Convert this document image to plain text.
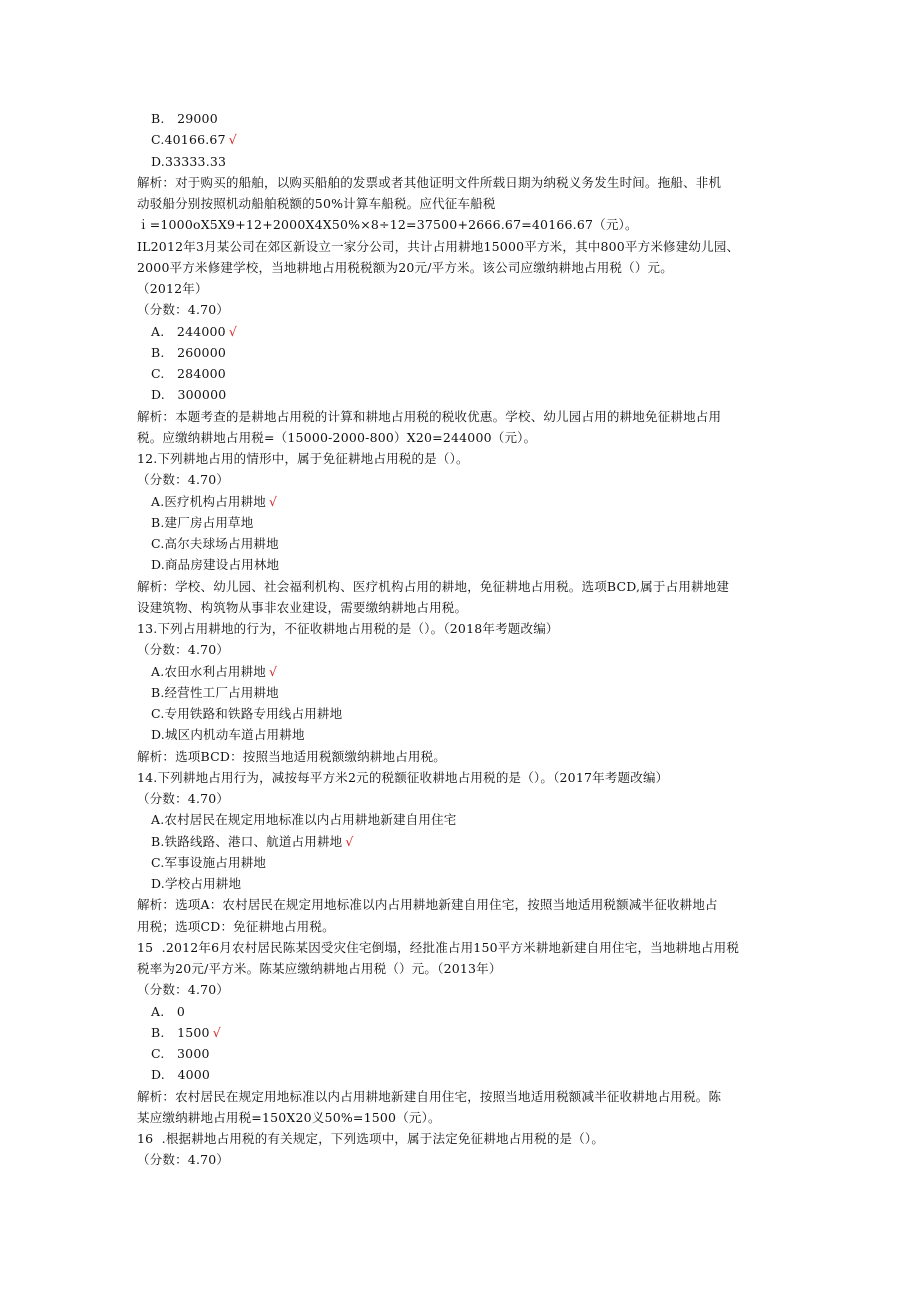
B.   29000
C.40166.67 √
D.33333.33
解析：对于购买的船舶，以购买船舶的发票或者其他证明文件所载日期为纳税义务发生时间。拖船、非机
动驳船分别按照机动船舶税额的50%计算车船税。应代征车船税
ｉ=1000oX5X9+12+2000X4X50%×8÷12=37500+2666.67=40166.67（元）。
IL2012年3月某公司在郊区新设立一家分公司，共计占用耕地15000平方米，其中800平方米修建幼儿园、
2000平方米修建学校，当地耕地占用税税额为20元/平方米。该公司应缴纳耕地占用税（）元。
（2012年）
（分数：4.70）
A.   244000 √
B.   260000
C.   284000
D.   300000
解析：本题考查的是耕地占用税的计算和耕地占用税的税收优惠。学校、幼儿园占用的耕地免征耕地占用
税。应缴纳耕地占用税=（15000-2000-800）X20=244000（元）。
12.下列耕地占用的情形中，属于免征耕地占用税的是（）。
（分数：4.70）
A.医疗机构占用耕地 √
B.建厂房占用草地
C.高尔夫球场占用耕地
D.商品房建设占用林地
解析：学校、幼儿园、社会福利机构、医疗机构占用的耕地，免征耕地占用税。选项BCD,属于占用耕地建
设建筑物、构筑物从事非农业建设，需要缴纳耕地占用税。
13.下列占用耕地的行为，不征收耕地占用税的是（）。（2018年考题改编）
（分数：4.70）
A.农田水利占用耕地 √
B.经营性工厂占用耕地
C.专用铁路和铁路专用线占用耕地
D.城区内机动车道占用耕地
解析：选项BCD：按照当地适用税额缴纳耕地占用税。
14.下列耕地占用行为，减按每平方米2元的税额征收耕地占用税的是（）。（2017年考题改编）
（分数：4.70）
A.农村居民在规定用地标准以内占用耕地新建自用住宅
B.铁路线路、港口、航道占用耕地 √
C.军事设施占用耕地
D.学校占用耕地
解析：选项A：农村居民在规定用地标准以内占用耕地新建自用住宅，按照当地适用税额减半征收耕地占
用税；选项CD：免征耕地占用税。
15  .2012年6月农村居民陈某因受灾住宅倒塌，经批准占用150平方米耕地新建自用住宅，当地耕地占用税
税率为20元/平方米。陈某应缴纳耕地占用税（）元。（2013年）
（分数：4.70）
A.   0
B.   1500 √
C.   3000
D.   4000
解析：农村居民在规定用地标准以内占用耕地新建自用住宅，按照当地适用税额减半征收耕地占用税。陈
某应缴纳耕地占用税=150X20义50%=1500（元）。
16  .根据耕地占用税的有关规定，下列选项中，属于法定免征耕地占用税的是（）。
（分数：4.70）
